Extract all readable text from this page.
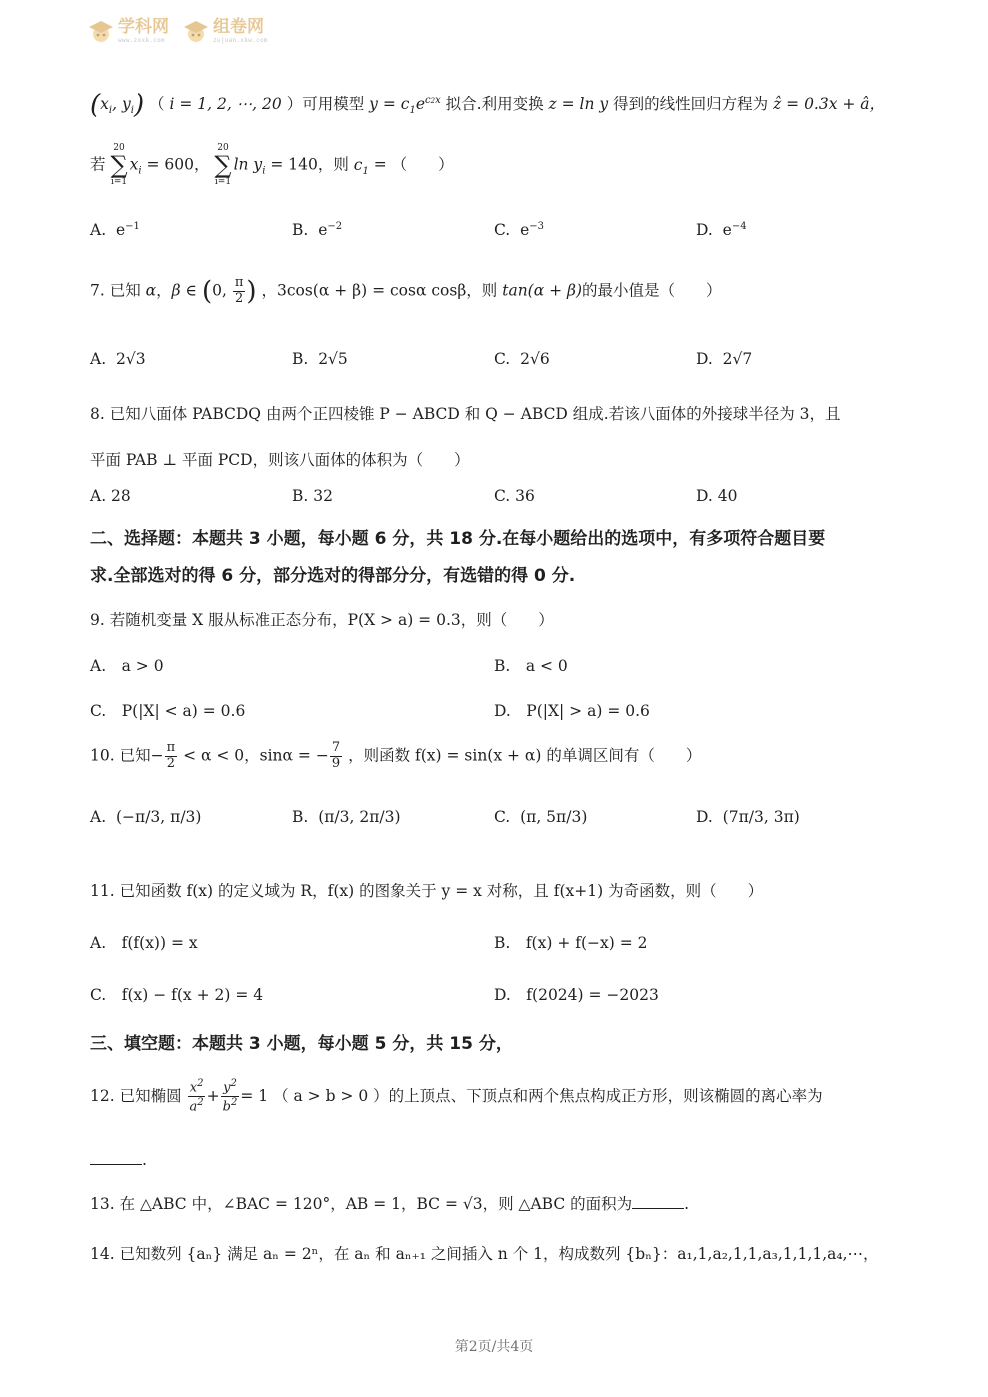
学科网
www.zxxk.com
组卷网
zujuan.xkw.com
($x_i$, $y_i$) （ i = 1, 2, ⋯, 20 ）可用模型 $y = c_1e^{c2x}$ 拟合.利用变换 z = ln y 得到的线性回归方程为 ẑ = 0.3x + â，
若
20
∑
i=1
$x_i = 600$，
20
∑
i=1
$\ln y_i = 140$，则 $c_1$ = （　　）
A. $e^{-1}$	B. $e^{-2}$	C. $e^{-3}$	D. $e^{-4}$
7. 已知 α，β ∈ (0, $\frac{\pi}{2}$ ) ，3cos(α + β) = cosα cosβ，则 tan(α + β)的最小值是（　　）
A. 2√3	B. 2√5	C. 2√6	D. 2√7
8. 已知八面体 PABCDQ 由两个正四棱锥 P − ABCD 和 Q − ABCD 组成.若该八面体的外接球半径为 3，且
平面 PAB ⊥ 平面 PCD，则该八面体的体积为（　　）
A. 28	B. 32	C. 36	D. 40
二、选择题：本题共 3 小题，每小题 6 分，共 18 分.在每小题给出的选项中，有多项符合题目要
求.全部选对的得 6 分，部分选对的得部分分，有选错的得 0 分.
9. 若随机变量 X 服从标准正态分布，P(X > a) = 0.3，则（　　）
A.　a > 0	B.　a < 0
C.　P(|X| < a) = 0.6	D.　P(|X| > a) = 0.6
10. 已知− $\frac{\pi}{2} < \alpha < 0$，sinα = − $\frac{7}{9}$ ，则函数 f(x) = sin(x + α) 的单调区间有（　　）
A. (−π/3, π/3)	B. (π/3, 2π/3)	C. (π, 5π/3)	D. (7π/3, 3π)
11. 已知函数 f(x) 的定义域为 R，f(x) 的图象关于 y = x 对称，且 f(x+1) 为奇函数，则（　　）
A.　f(f(x)) = x	B.　f(x) + f(−x) = 2
C.　f(x) − f(x + 2) = 4	D.　f(2024) = −2023
三、填空题：本题共 3 小题，每小题 5 分，共 15 分，
12. 已知椭圆 $\frac{x^2}{a^2} + \frac{y^2}{b^2} = 1$ （ a > b > 0 ）的上顶点、下顶点和两个焦点构成正方形，则该椭圆的离心率为
.
13. 在 △ABC 中，∠BAC = 120°，AB = 1，BC = √3，则 △ABC 的面积为	.
14. 已知数列 {aₙ} 满足 aₙ = 2ⁿ，在 aₙ 和 aₙ₊₁ 之间插入 n 个 1，构成数列 {bₙ}：a₁,1,a₂,1,1,a₃,1,1,1,a₄,⋯，
第2页/共4页
